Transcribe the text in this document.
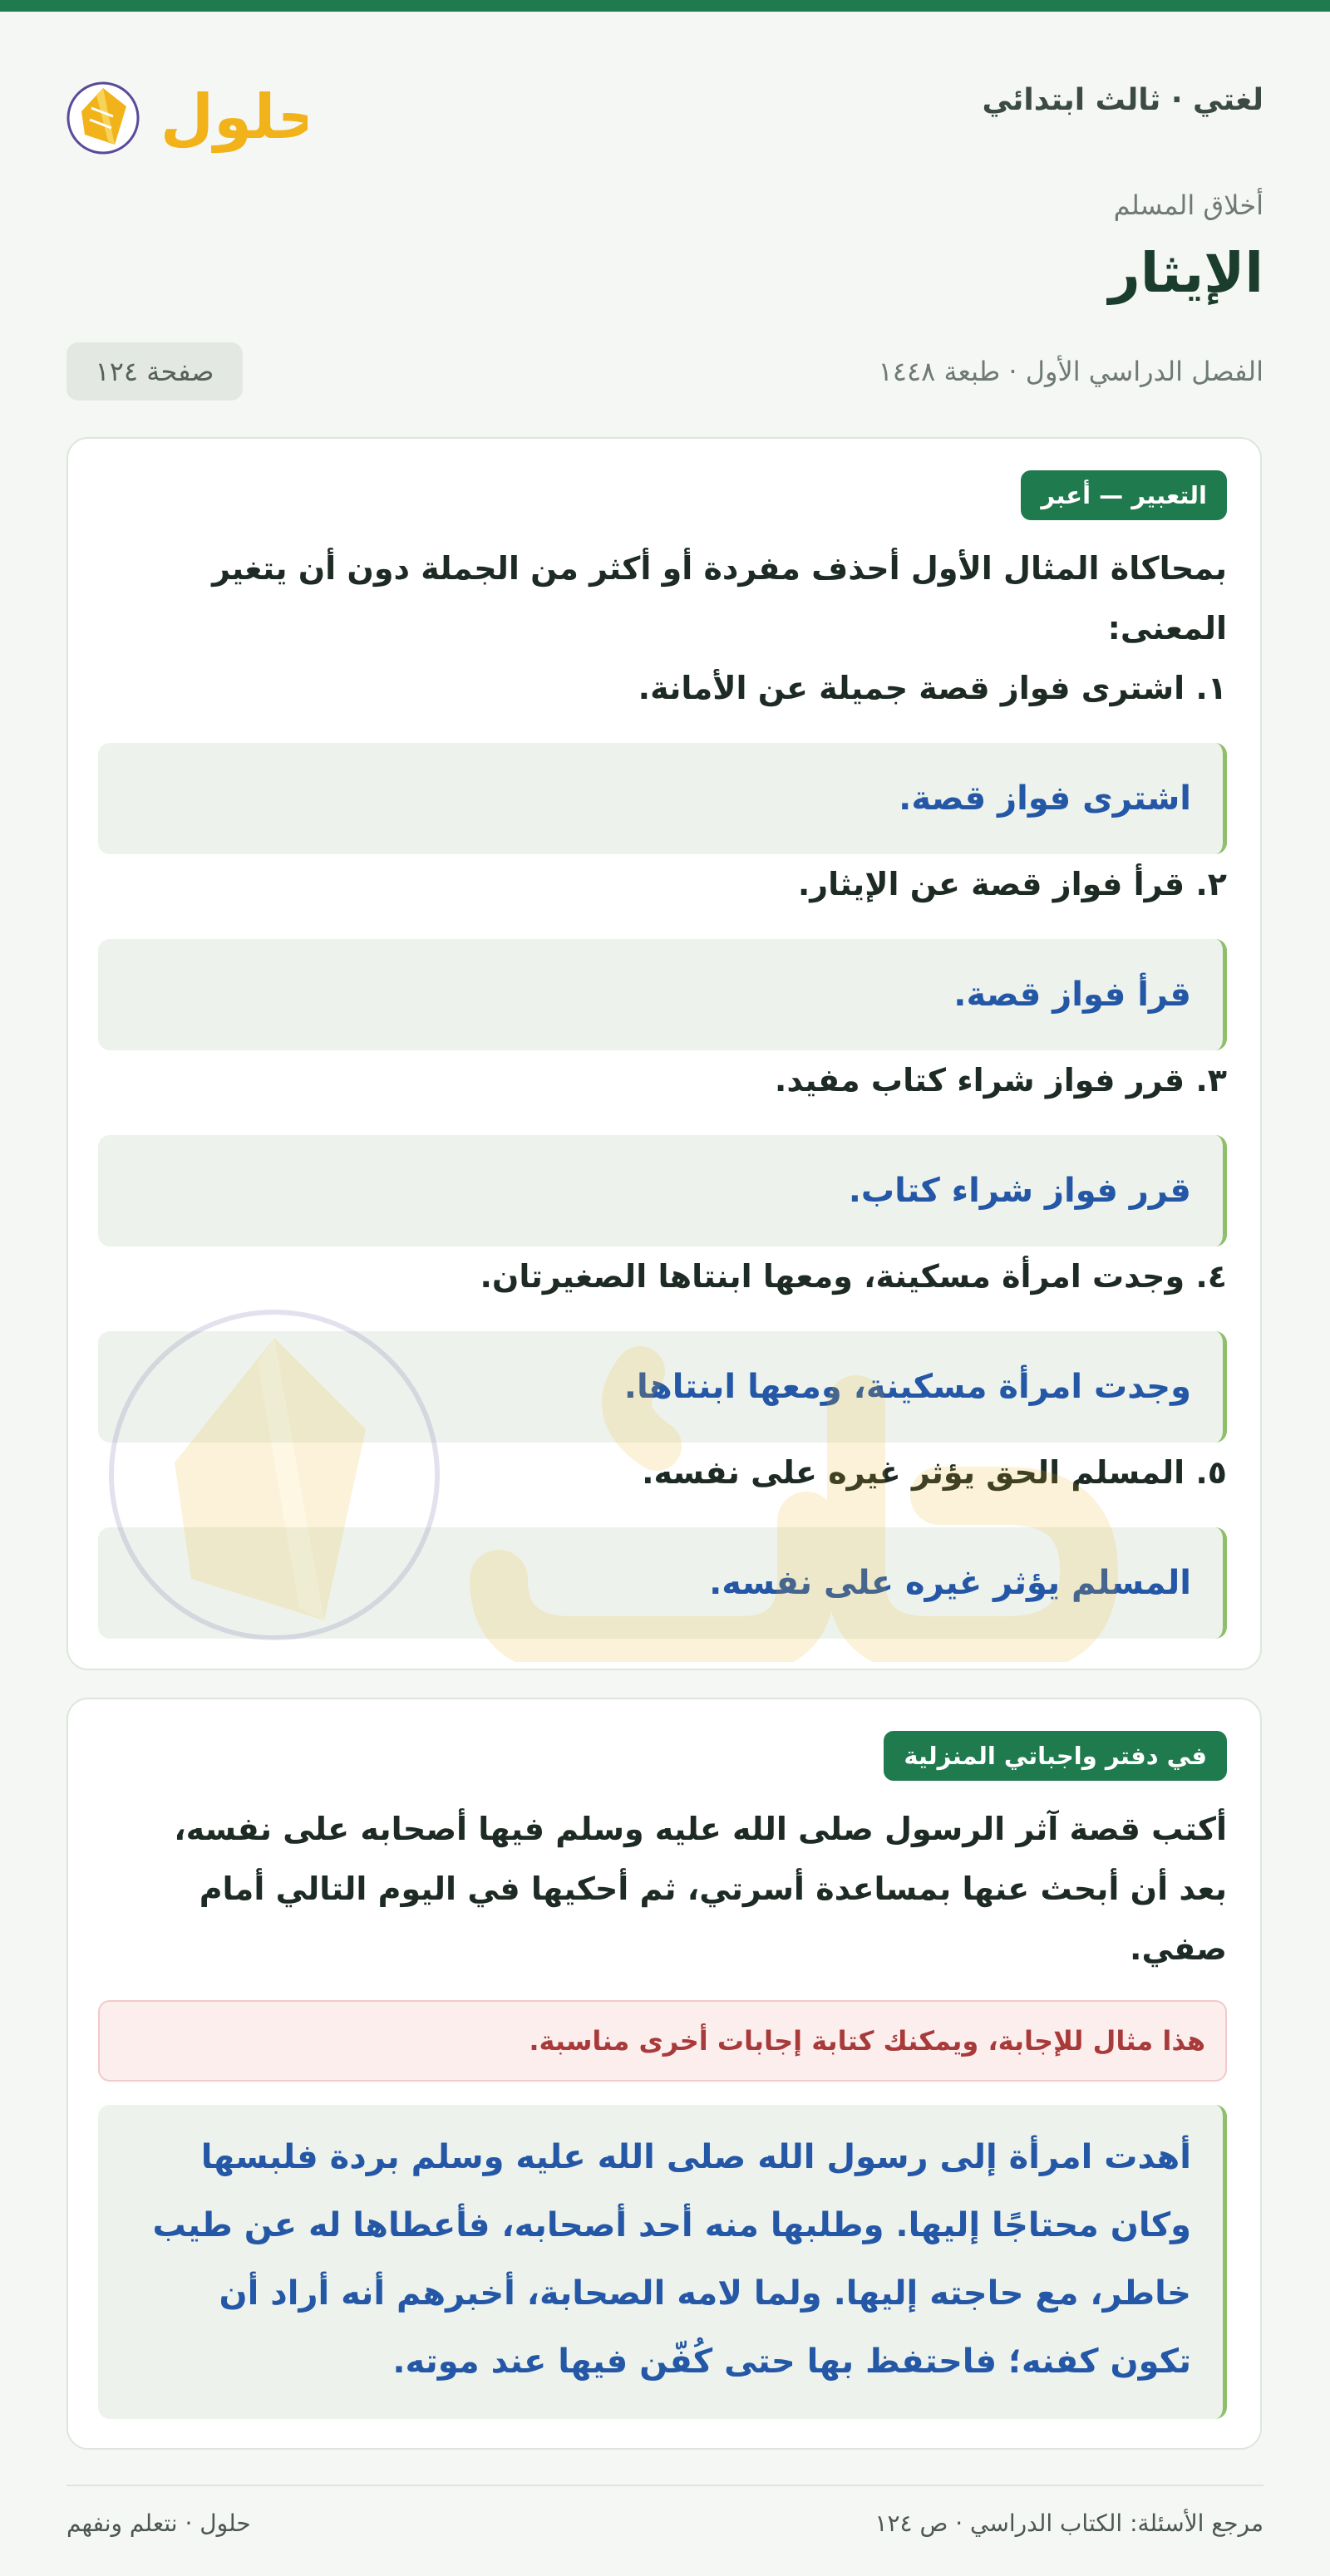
لغتي · ثالث ابتدائي
حلول
أخلاق المسلم
الإيثار
الفصل الدراسي الأول · طبعة ١٤٤٨
صفحة ١٢٤
التعبير — أعبر
بمحاكاة المثال الأول أحذف مفردة أو أكثر من الجملة دون أن يتغير المعنى:
١. اشترى فواز قصة جميلة عن الأمانة.
اشترى فواز قصة.
٢. قرأ فواز قصة عن الإيثار.
قرأ فواز قصة.
٣. قرر فواز شراء كتاب مفيد.
قرر فواز شراء كتاب.
٤. وجدت امرأة مسكينة، ومعها ابنتاها الصغيرتان.
وجدت امرأة مسكينة، ومعها ابنتاها.
٥. المسلم الحق يؤثر غيره على نفسه.
المسلم يؤثر غيره على نفسه.
في دفتر واجباتي المنزلية
أكتب قصة آثر الرسول صلى الله عليه وسلم فيها أصحابه على نفسه، بعد أن أبحث عنها بمساعدة أسرتي، ثم أحكيها في اليوم التالي أمام صفي.
هذا مثال للإجابة، ويمكنك كتابة إجابات أخرى مناسبة.
أهدت امرأة إلى رسول الله صلى الله عليه وسلم بردة فلبسها وكان محتاجًا إليها. وطلبها منه أحد أصحابه، فأعطاها له عن طيب خاطر، مع حاجته إليها. ولما لامه الصحابة، أخبرهم أنه أراد أن تكون كفنه؛ فاحتفظ بها حتى كُفّن فيها عند موته.
مرجع الأسئلة: الكتاب الدراسي · ص ١٢٤
حلول · نتعلم ونفهم
